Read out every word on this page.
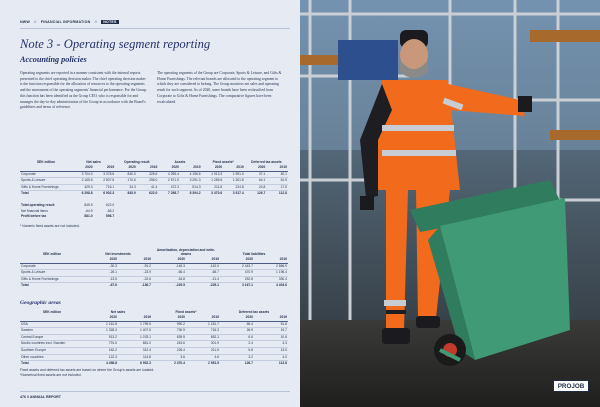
NWW // FINANCIAL INFORMATION // NOTES
Note 3 - Operating segment reporting
Accounting policies
Operating segments are reported in a manner consistent with the internal reports presented to the chief operating decision maker. The chief operating decision maker is the function responsible for the allocation of resources to the operating segments and the assessment of the operating segments' financial performance. For the Group, this function has been identified as the Group CEO, who is responsible for and manages the day-to-day administration of the Group in accordance with the Board's guidelines and terms of reference.
The operating segments of the Group are Corporate, Sports & Leisure, and Gifts & Home Furnishings. The relevant brands are allocated to the operating segment to which they are considered to belong. The Group monitors net sales and operating result for each segment. As of 2020, some brands have been reclassified from Corporate to Gifts & Home Furnishings. The comparative figures have been recalculated.
SEK million	Net sales		Operating result		Assets		Fixed assets*		Deferred tax assets	
	2020	2019	2020	2019	2020	2019	2020	2019	2020	2019
Corporate	3 704.0	3 378.6	840.0	325.6	4 255.4	4 196.6	1 913.3	1 991.0	37.1	40.1
Sports & Leisure	2 165.5	2 807.6	170.6	255.0	2 571.0	3 291.3	1 255.6	1 301.6	64.1	61.9
Gifts & Home Furnishings	429.3	716.1	34.3	41.4	472.3	514.3	211.8	224.8	24.8	17.5
Total	6 298.8	6 902.3	845.9	622.0	7 298.7	8 394.2	3 470.6	3 517.4	126.7	112.8
Total operating result	845.9	622.0	
Net financial items	-64.9	-65.2	
Profit before tax	881.0	556.7	
* Numeric fixed assets are not included.
SEK million	Net investments		Amortisation, depreciation and write-downs		Total liabilities	
	2020	2019	2020	2019	2020	2019
Corporate	-30.3	-91.2	-146.3	-142.0	2 443.7	2 866.9
Sports & Leisure	-26.1	-23.9	-66.4	-65.7	470.9	1 196.4
Gifts & Home Furnishings	-13.5	-22.6	-16.8	-21.4	252.8	330.4
Total	-67.6	-136.7	-229.5	-225.1	3 167.1	4 403.6
Geographic areas
SEK million	Net sales		Fixed assets*		Deferred tax assets	
	2020	2019	2020	2019	2020	2019
USA	1 161.8	1 799.5	990.2	1 181.7	65.4	51.8
Sweden	1 328.3	1 407.5	730.9	716.3	26.9	19.7
Central Europe	913.2	1 078.1	639.5	652.1	6.6	10.6
Nordic countries excl. Sweden	791.0	861.0	243.6	301.9	2.4	4.3
Southern Europe	182.2	312.4	228.4	211.5	5.8	13.0
Other countries	122.3	114.8	3.6	4.6	3.2	4.0
Total	4 498.8	6 902.3	2 470.4	2 951.5	126.7	112.8
Fixed assets and deferred tax assets are based on where the Group's assets are located.
*Numerical fixed assets are not included.
476 // ANNUAL REPORT
PROJOB
